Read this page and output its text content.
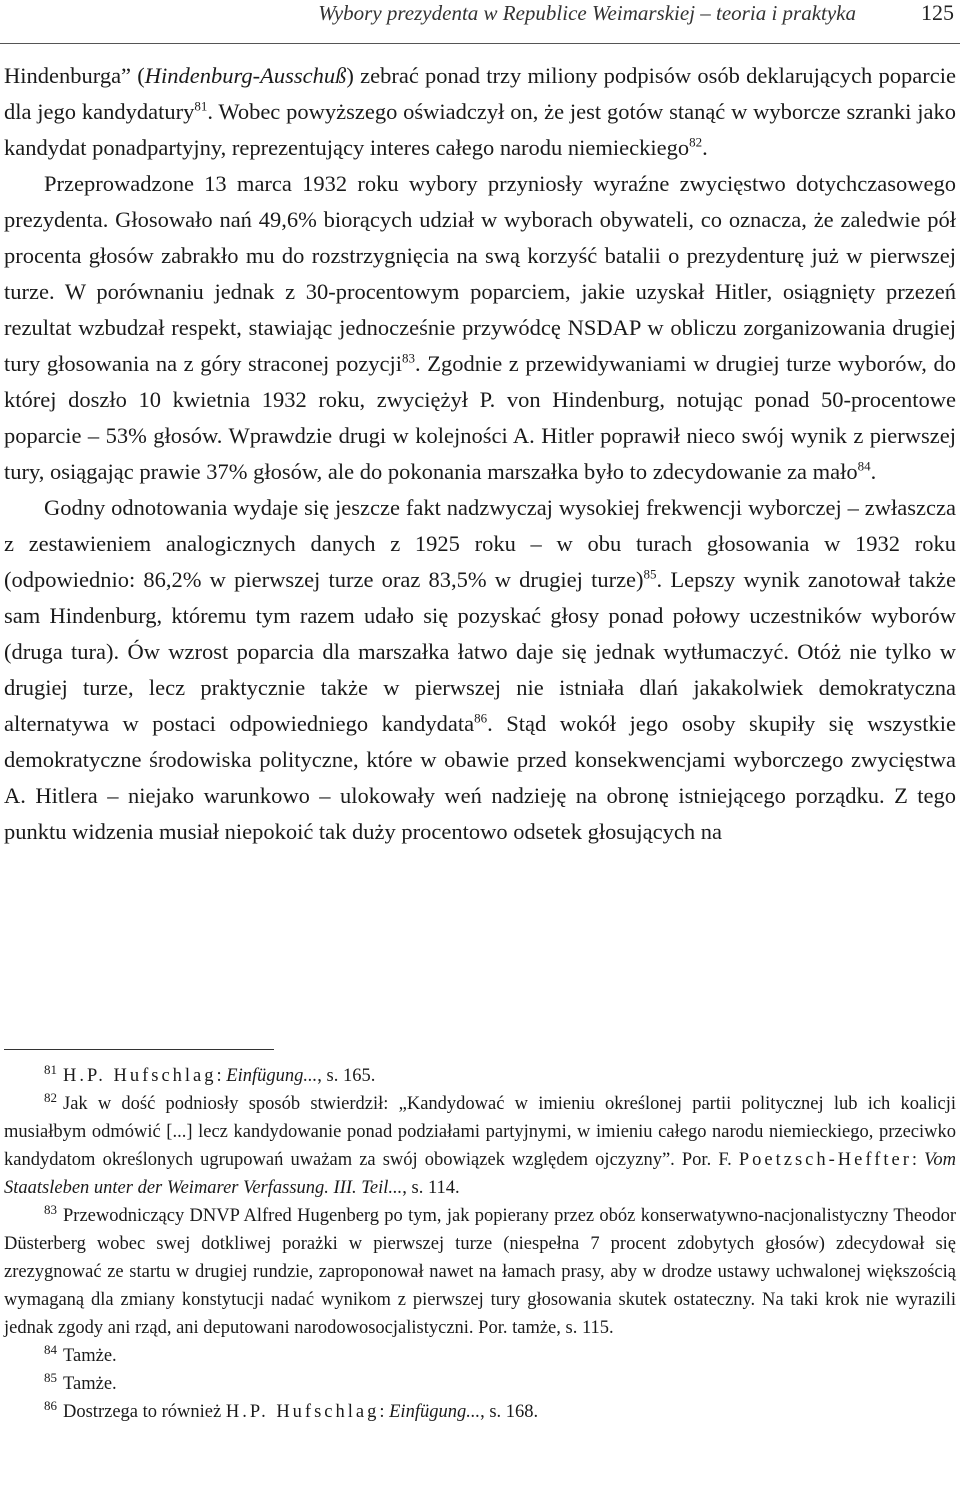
Wybory prezydenta w Republice Weimarskiej – teoria i praktyka	125

Hindenburga” (Hindenburg-Ausschuß) zebrać ponad trzy miliony podpisów osób deklarujących poparcie dla jego kandydatury$^{81}$. Wobec powyższego oświadczył on, że jest gotów stanąć w wyborcze szranki jako kandydat ponadpartyjny, reprezentujący interes całego narodu niemieckiego$^{82}$.

Przeprowadzone 13 marca 1932 roku wybory przyniosły wyraźne zwycięstwo dotychczasowego prezydenta. Głosowało nań 49,6% biorących udział w wyborach obywateli, co oznacza, że zaledwie pół procenta głosów zabrakło mu do rozstrzygnięcia na swą korzyść batalii o prezydenturę już w pierwszej turze. W porównaniu jednak z 30-procentowym poparciem, jakie uzyskał Hitler, osiągnięty przezeń rezultat wzbudzał respekt, stawiając jednocześnie przywódcę NSDAP w obliczu zorganizowania drugiej tury głosowania na z góry straconej pozycji$^{83}$. Zgodnie z przewidywaniami w drugiej turze wyborów, do której doszło 10 kwietnia 1932 roku, zwyciężył P. von Hindenburg, notując ponad 50-procentowe poparcie – 53% głosów. Wprawdzie drugi w kolejności A. Hitler poprawił nieco swój wynik z pierwszej tury, osiągając prawie 37% głosów, ale do pokonania marszałka było to zdecydowanie za mało$^{84}$.

Godny odnotowania wydaje się jeszcze fakt nadzwyczaj wysokiej frekwencji wyborczej – zwłaszcza z zestawieniem analogicznych danych z 1925 roku – w obu turach głosowania w 1932 roku (odpowiednio: 86,2% w pierwszej turze oraz 83,5% w drugiej turze)$^{85}$. Lepszy wynik zanotował także sam Hindenburg, któremu tym razem udało się pozyskać głosy ponad połowy uczestników wyborów (druga tura). Ów wzrost poparcia dla marszałka łatwo daje się jednak wytłumaczyć. Otóż nie tylko w drugiej turze, lecz praktycznie także w pierwszej nie istniała dlań jakakolwiek demokratyczna alternatywa w postaci odpowiedniego kandydata$^{86}$. Stąd wokół jego osoby skupiły się wszystkie demokratyczne środowiska polityczne, które w obawie przed konsekwencjami wyborczego zwycięstwa A. Hitlera – niejako warunkowo – ulokowały weń nadzieję na obronę istniejącego porządku. Z tego punktu widzenia musiał niepokoić tak duży procentowo odsetek głosujących na

$^{81}$ H.P. Hufschlag: Einfügung..., s. 165.

$^{82}$ Jak w dość podniosły sposób stwierdził: „Kandydować w imieniu określonej partii politycznej lub ich koalicji musiałbym odmówić [...] lecz kandydowanie ponad podziałami partyjnymi, w imieniu całego narodu niemieckiego, przeciwko kandydatom określonych ugrupowań uważam za swój obowiązek względem ojczyzny”. Por. F. Poetzsch-Heffter: Vom Staatsleben unter der Weimarer Verfassung. III. Teil..., s. 114.

$^{83}$ Przewodniczący DNVP Alfred Hugenberg po tym, jak popierany przez obóz konserwatywno-nacjonalistyczny Theodor Düsterberg wobec swej dotkliwej porażki w pierwszej turze (niespełna 7 procent zdobytych głosów) zdecydował się zrezygnować ze startu w drugiej rundzie, zaproponował nawet na łamach prasy, aby w drodze ustawy uchwalonej większością wymaganą dla zmiany konstytucji nadać wynikom z pierwszej tury głosowania skutek ostateczny. Na taki krok nie wyrazili jednak zgody ani rząd, ani deputowani narodowosocjalistyczni. Por. tamże, s. 115.

$^{84}$ Tamże.

$^{85}$ Tamże.

$^{86}$ Dostrzega to również H.P. Hufschlag: Einfügung..., s. 168.
